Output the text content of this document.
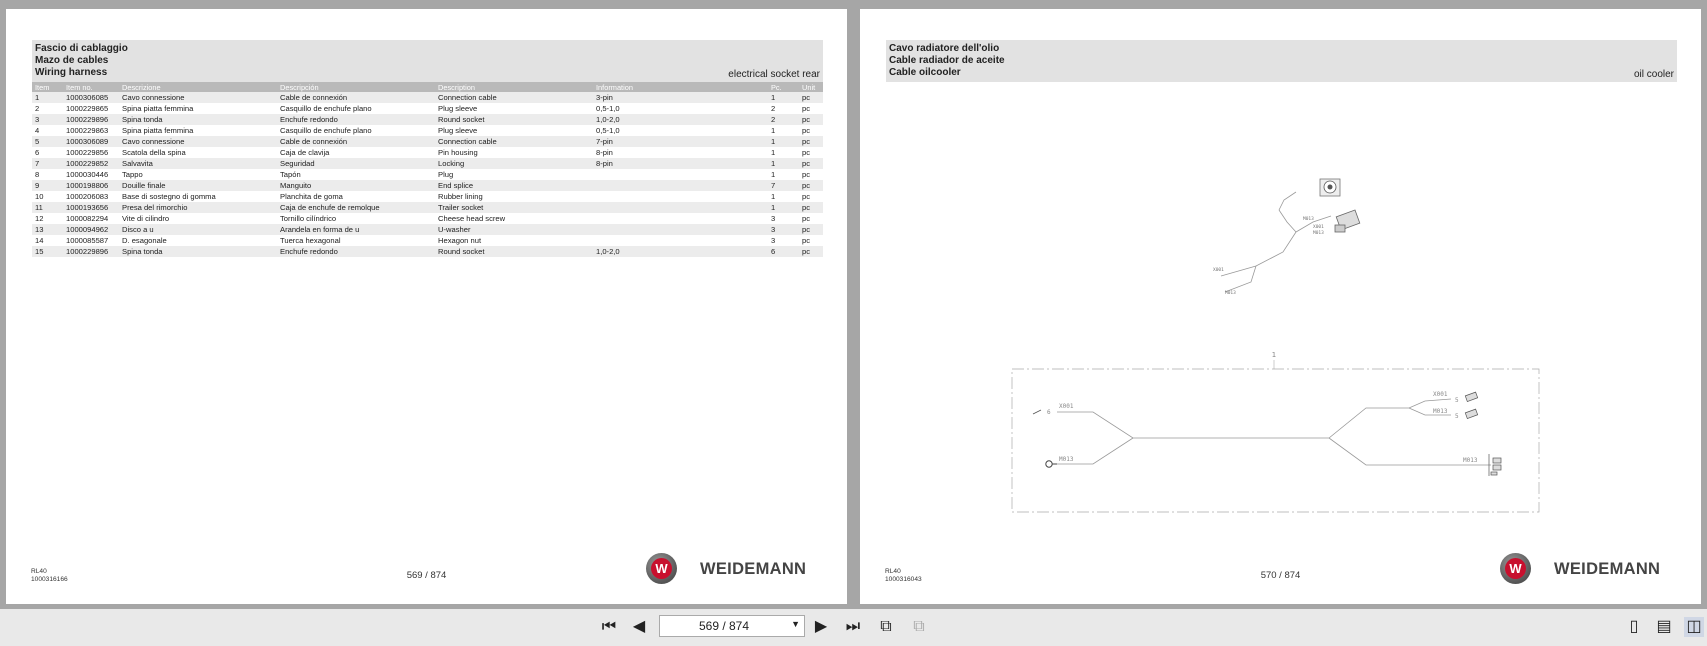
Fascio di cablaggio
Mazo de cables
Wiring harness	electrical socket rear
Item	Item no.	Descrizione	Descripción	Description	Information	Pc.	Unit
1	1000306085	Cavo connessione	Cable de connexión	Connection cable	3-pin	1	pc
2	1000229865	Spina piatta femmina	Casquillo de enchufe plano	Plug sleeve	0,5-1,0	2	pc
3	1000229896	Spina tonda	Enchufe redondo	Round socket	1,0-2,0	2	pc
4	1000229863	Spina piatta femmina	Casquillo de enchufe plano	Plug sleeve	0,5-1,0	1	pc
5	1000306089	Cavo connessione	Cable de connexión	Connection cable	7-pin	1	pc
6	1000229856	Scatola della spina	Caja de clavija	Pin housing	8-pin	1	pc
7	1000229852	Salvavita	Seguridad	Locking	8-pin	1	pc
8	1000030446	Tappo	Tapón	Plug		1	pc
9	1000198806	Douille finale	Manguito	End splice		7	pc
10	1000206083	Base di sostegno di gomma	Planchita de goma	Rubber lining		1	pc
11	1000193656	Presa del rimorchio	Caja de enchufe de remolque	Trailer socket		1	pc
12	1000082294	Vite di cilindro	Tornillo cilíndrico	Cheese head screw		3	pc
13	1000094962	Disco a u	Arandela en forma de u	U-washer		3	pc
14	1000085587	D. esagonale	Tuerca hexagonal	Hexagon nut		3	pc
15	1000229896	Spina tonda	Enchufe redondo	Round socket	1,0-2,0	6	pc
RL40
1000316166	569 / 874	W WEIDEMANN
Cavo radiatore dell'olio
Cable radiador de aceite
Cable oilcooler	oil cooler
RL40
1000316043	570 / 874	W WEIDEMANN
M013
X001
M013
X001
M013
1
X001
M013
X001
M013
M013
6
5
5
⏮ ◀	569 / 874	▼ ▶ ⏭ ⧉ ⧉	▯	▤ ◫
